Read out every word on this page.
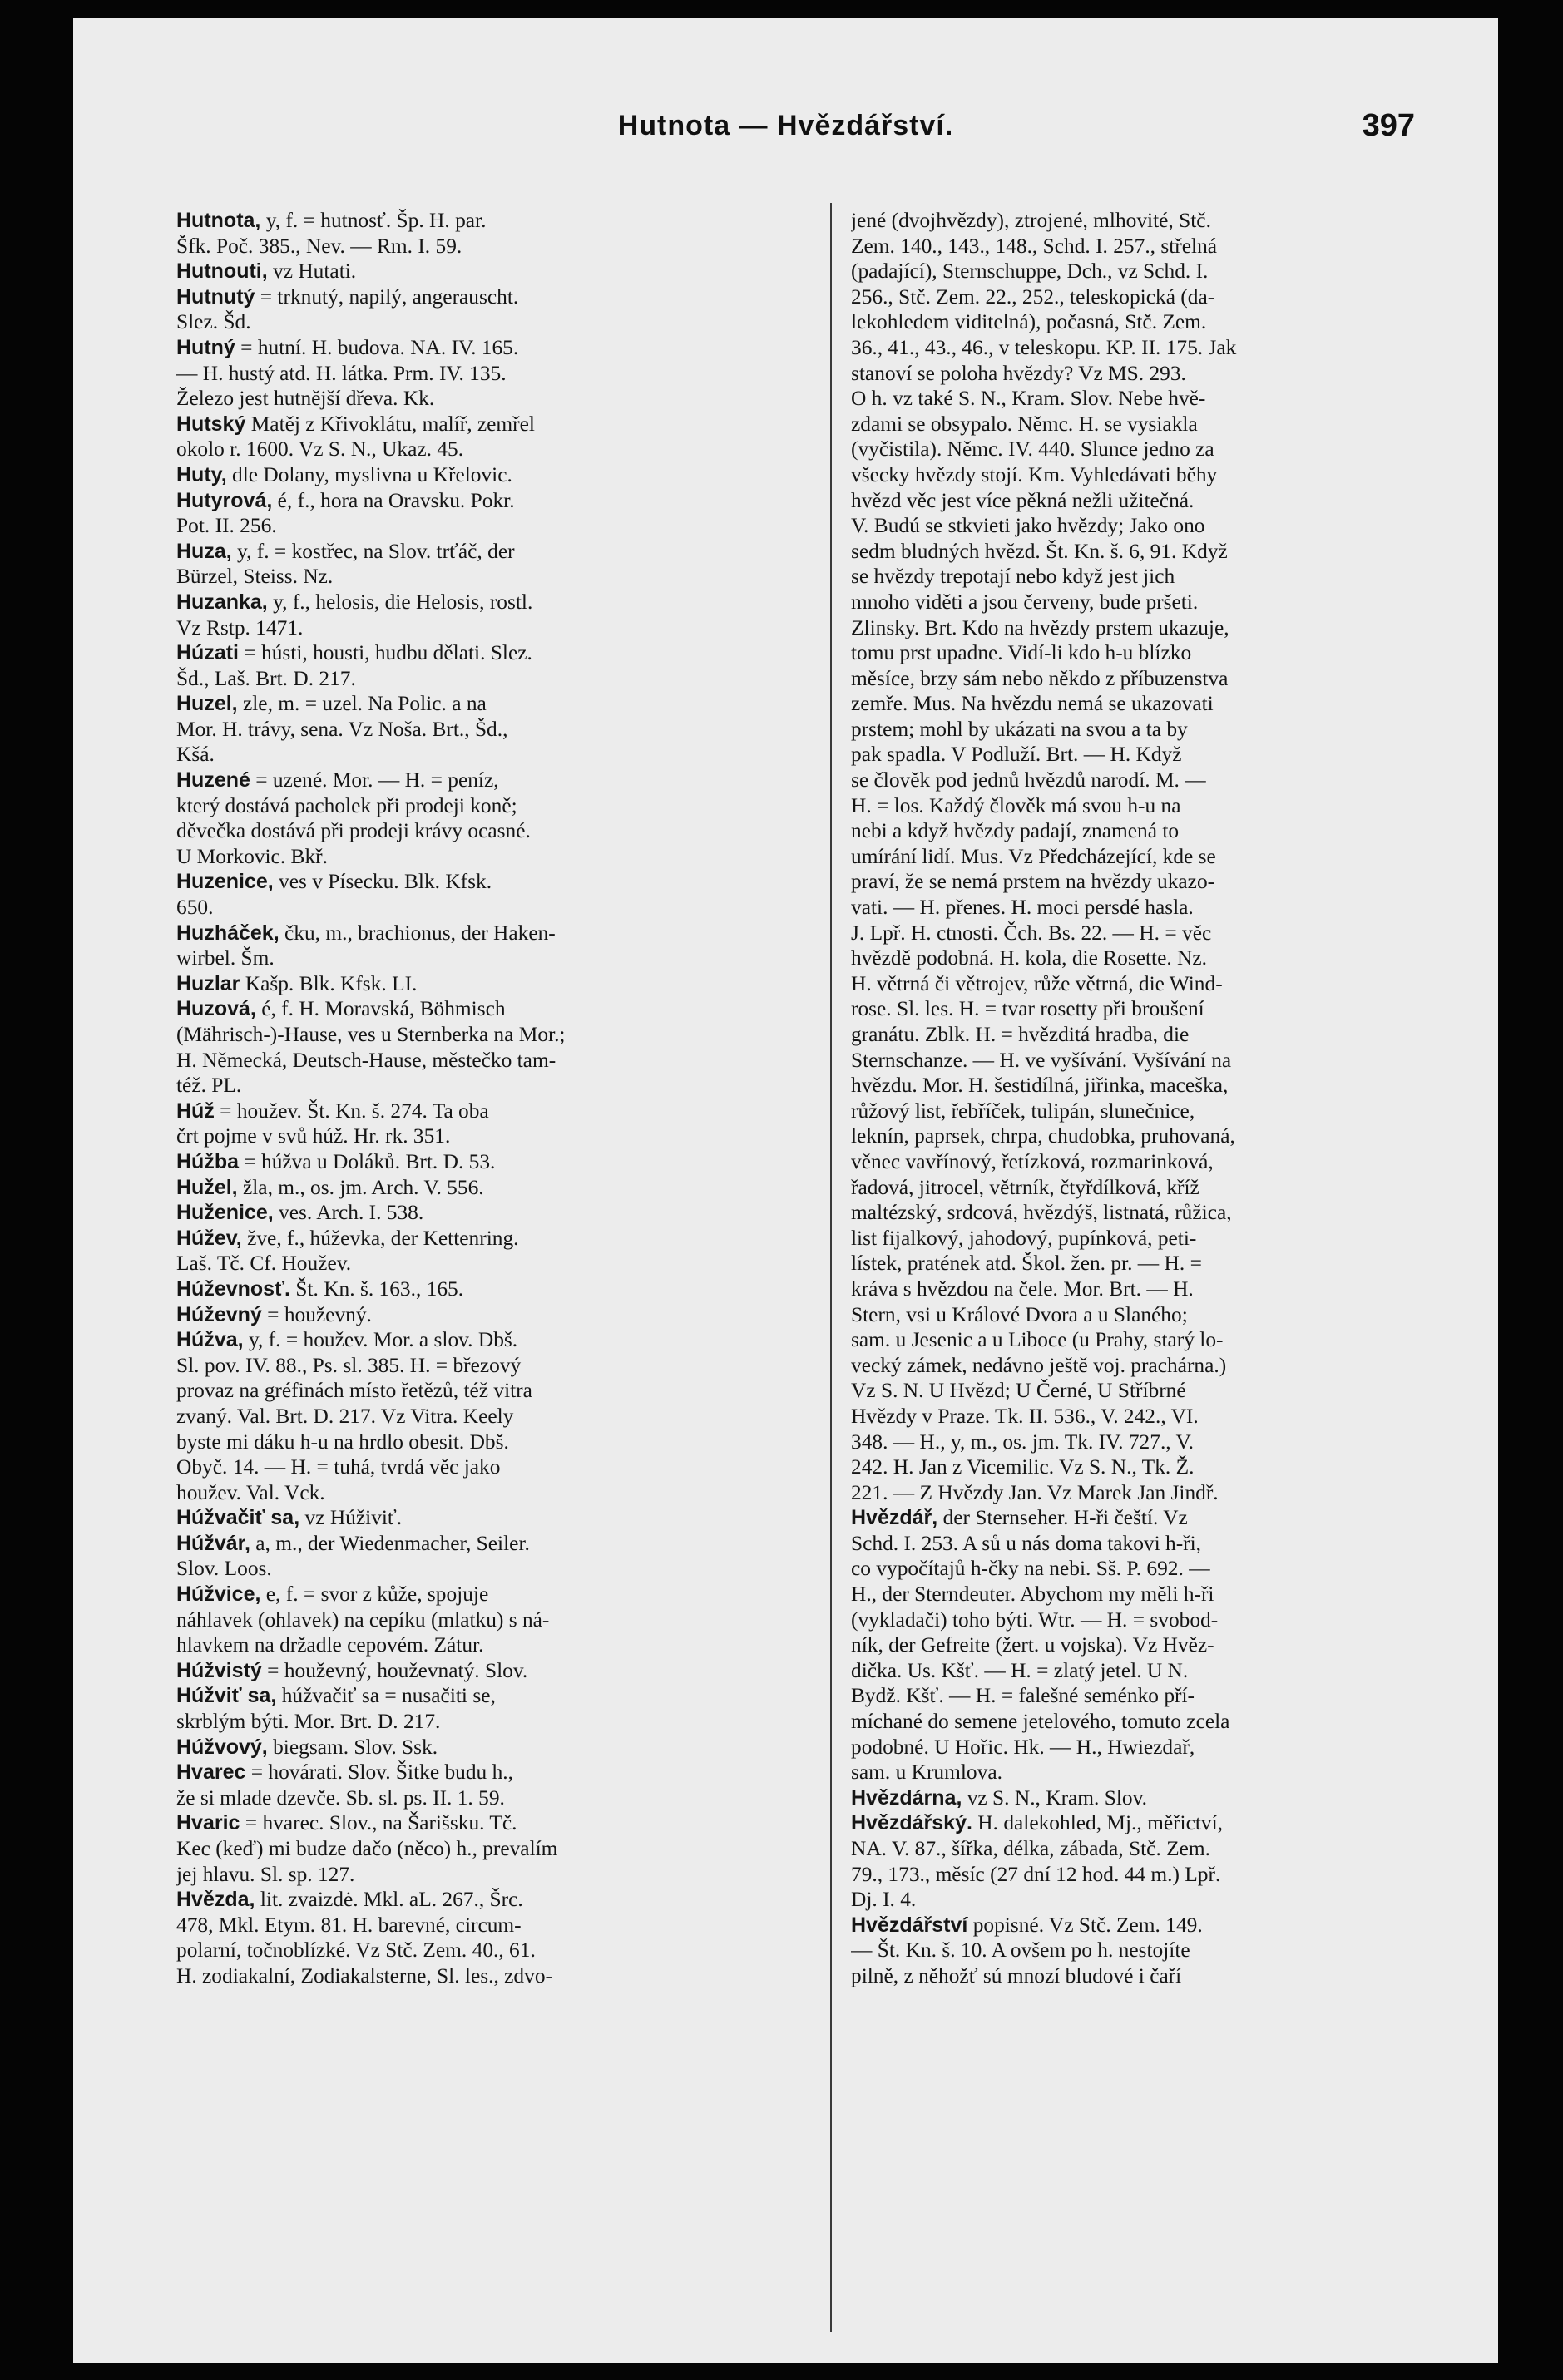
Hutnota — Hvězdářství.	397
Hutnota, y, f. = hutnosť. Šp. H. par.
Šfk. Poč. 385., Nev. — Rm. I. 59.
Hutnouti, vz Hutati.
Hutnutý = trknutý, napilý, angerauscht.
Slez. Šd.
Hutný = hutní. H. budova. NA. IV. 165.
— H. hustý atd. H. látka. Prm. IV. 135.
Železo jest hutnější dřeva. Kk.
Hutský Matěj z Křivoklátu, malíř, zemřel
okolo r. 1600. Vz S. N., Ukaz. 45.
Huty, dle Dolany, myslivna u Křelovic.
Hutyrová, é, f., hora na Oravsku. Pokr.
Pot. II. 256.
Huza, y, f. = kostřec, na Slov. trťáč, der
Bürzel, Steiss. Nz.
Huzanka, y, f., helosis, die Helosis, rostl.
Vz Rstp. 1471.
Húzati = hústi, housti, hudbu dělati. Slez.
Šd., Laš. Brt. D. 217.
Huzel, zle, m. = uzel. Na Polic. a na
Mor. H. trávy, sena. Vz Noša. Brt., Šd.,
Kšá.
Huzené = uzené. Mor. — H. = peníz,
který dostává pacholek při prodeji koně;
děvečka dostává při prodeji krávy ocasné.
U Morkovic. Bkř.
Huzenice, ves v Písecku. Blk. Kfsk.
650.
Huzháček, čku, m., brachionus, der Haken-
wirbel. Šm.
Huzlar Kašp. Blk. Kfsk. LI.
Huzová, é, f. H. Moravská, Böhmisch
(Mährisch-)-Hause, ves u Sternberka na Mor.;
H. Německá, Deutsch-Hause, městečko tam-
též. PL.
Húž = houžev. Št. Kn. š. 274. Ta oba
črt pojme v svů húž. Hr. rk. 351.
Húžba = húžva u Doláků. Brt. D. 53.
Hužel, žla, m., os. jm. Arch. V. 556.
Huženice, ves. Arch. I. 538.
Húžev, žve, f., húževka, der Kettenring.
Laš. Tč. Cf. Houžev.
Húževnosť. Št. Kn. š. 163., 165.
Húževný = houževný.
Húžva, y, f. = houžev. Mor. a slov. Dbš.
Sl. pov. IV. 88., Ps. sl. 385. H. = březový
provaz na gréfinách místo řetězů, též vitra
zvaný. Val. Brt. D. 217. Vz Vitra. Keely
byste mi dáku h-u na hrdlo obesit. Dbš.
Obyč. 14. — H. = tuhá, tvrdá věc jako
houžev. Val. Vck.
Húžvačiť sa, vz Húživiť.
Húžvár, a, m., der Wiedenmacher, Seiler.
Slov. Loos.
Húžvice, e, f. = svor z kůže, spojuje
náhlavek (ohlavek) na cepíku (mlatku) s ná-
hlavkem na držadle cepovém. Zátur.
Húžvistý = houževný, houževnatý. Slov.
Húžviť sa, húžvačiť sa = nusačiti se,
skrblým býti. Mor. Brt. D. 217.
Húžvový, biegsam. Slov. Ssk.
Hvarec = hovárati. Slov. Šitke budu h.,
že si mlade dzevče. Sb. sl. ps. II. 1. 59.
Hvaric = hvarec. Slov., na Šarišsku. Tč.
Kec (keď) mi budze dačo (něco) h., prevalím
jej hlavu. Sl. sp. 127.
Hvězda, lit. zvaizdė. Mkl. aL. 267., Šrc.
478, Mkl. Etym. 81. H. barevné, circum-
polarní, točnoblízké. Vz Stč. Zem. 40., 61.
H. zodiakalní, Zodiakalsterne, Sl. les., zdvo-
jené (dvojhvězdy), ztrojené, mlhovité, Stč.
Zem. 140., 143., 148., Schd. I. 257., střelná
(padající), Sternschuppe, Dch., vz Schd. I.
256., Stč. Zem. 22., 252., teleskopická (da-
lekohledem viditelná), počasná, Stč. Zem.
36., 41., 43., 46., v teleskopu. KP. II. 175. Jak
stanoví se poloha hvězdy? Vz MS. 293.
O h. vz také S. N., Kram. Slov. Nebe hvě-
zdami se obsypalo. Němc. H. se vysiakla
(vyčistila). Němc. IV. 440. Slunce jedno za
všecky hvězdy stojí. Km. Vyhledávati běhy
hvězd věc jest více pěkná nežli užitečná.
V. Budú se stkvieti jako hvězdy; Jako ono
sedm bludných hvězd. Št. Kn. š. 6, 91. Když
se hvězdy trepotají nebo když jest jich
mnoho viděti a jsou červeny, bude pršeti.
Zlinsky. Brt. Kdo na hvězdy prstem ukazuje,
tomu prst upadne. Vidí-li kdo h-u blízko
měsíce, brzy sám nebo někdo z příbuzenstva
zemře. Mus. Na hvězdu nemá se ukazovati
prstem; mohl by ukázati na svou a ta by
pak spadla. V Podluží. Brt. — H. Když
se člověk pod jednů hvězdů narodí. M. —
H. = los. Každý člověk má svou h-u na
nebi a když hvězdy padají, znamená to
umírání lidí. Mus. Vz Předcházející, kde se
praví, že se nemá prstem na hvězdy ukazo-
vati. — H. přenes. H. moci persdé hasla.
J. Lpř. H. ctnosti. Čch. Bs. 22. — H. = věc
hvězdě podobná. H. kola, die Rosette. Nz.
H. větrná či větrojev, růže větrná, die Wind-
rose. Sl. les. H. = tvar rosetty při broušení
granátu. Zblk. H. = hvězditá hradba, die
Sternschanze. — H. ve vyšívání. Vyšívání na
hvězdu. Mor. H. šestidílná, jiřinka, maceška,
růžový list, řebříček, tulipán, slunečnice,
leknín, paprsek, chrpa, chudobka, pruhovaná,
věnec vavřínový, řetízková, rozmarinková,
řadová, jitrocel, větrník, čtyřdílková, kříž
maltézský, srdcová, hvězdýš, listnatá, růžica,
list fijalkový, jahodový, pupínková, peti-
lístek, pratének atd. Škol. žen. pr. — H. =
kráva s hvězdou na čele. Mor. Brt. — H.
Stern, vsi u Králové Dvora a u Slaného;
sam. u Jesenic a u Liboce (u Prahy, starý lo-
vecký zámek, nedávno ještě voj. prachárna.)
Vz S. N. U Hvězd; U Černé, U Stříbrné
Hvězdy v Praze. Tk. II. 536., V. 242., VI.
348. — H., y, m., os. jm. Tk. IV. 727., V.
242. H. Jan z Vicemilic. Vz S. N., Tk. Ž.
221. — Z Hvězdy Jan. Vz Marek Jan Jindř.
Hvězdář, der Sternseher. H-ři čeští. Vz
Schd. I. 253. A sů u nás doma takovi h-ři,
co vypočítajů h-čky na nebi. Sš. P. 692. —
H., der Sterndeuter. Abychom my měli h-ři
(vykladači) toho býti. Wtr. — H. = svobod-
ník, der Gefreite (žert. u vojska). Vz Hvěz-
dička. Us. Kšť. — H. = zlatý jetel. U N.
Bydž. Kšť. — H. = falešné seménko pří-
míchané do semene jetelového, tomuto zcela
podobné. U Hořic. Hk. — H., Hwiezdař,
sam. u Krumlova.
Hvězdárna, vz S. N., Kram. Slov.
Hvězdářský. H. dalekohled, Mj., měřictví,
NA. V. 87., šířka, délka, zábada, Stč. Zem.
79., 173., měsíc (27 dní 12 hod. 44 m.) Lpř.
Dj. I. 4.
Hvězdářství popisné. Vz Stč. Zem. 149.
— Št. Kn. š. 10. A ovšem po h. nestojíte
pilně, z něhožť sú mnozí bludové i čaří
